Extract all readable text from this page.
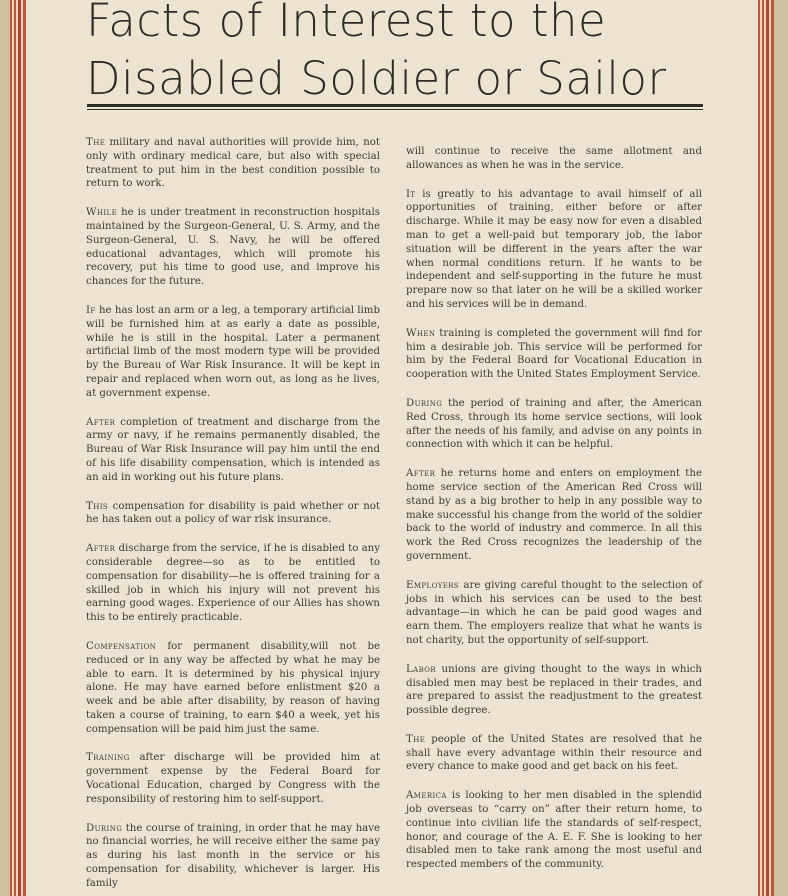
Facts of Interest to the
Disabled Soldier or Sailor

The military and naval authorities will provide him, not only with ordinary medical care, but also with special treatment to put him in the best condition possible to return to work.

While he is under treatment in reconstruction hospitals maintained by the Surgeon-General, U. S. Army, and the Surgeon-General, U. S. Navy, he will be offered educational advantages, which will promote his recovery, put his time to good use, and improve his chances for the future.

If he has lost an arm or a leg, a temporary artificial limb will be furnished him at as early a date as possible, while he is still in the hospital. Later a permanent artificial limb of the most modern type will be provided by the Bureau of War Risk Insurance. It will be kept in repair and replaced when worn out, as long as he lives, at government expense.

After completion of treatment and discharge from the army or navy, if he remains permanently disabled, the Bureau of War Risk Insurance will pay him until the end of his life disability compensation, which is intended as an aid in working out his future plans.

This compensation for disability is paid whether or not he has taken out a policy of war risk insurance.

After discharge from the service, if he is disabled to any considerable degree—so as to be entitled to compensation for disability—he is offered training for a skilled job in which his injury will not prevent his earning good wages. Experience of our Allies has shown this to be entirely practicable.

Compensation for permanent disability,will not be reduced or in any way be affected by what he may be able to earn. It is determined by his physical injury alone. He may have earned before enlistment $20 a week and be able after disability, by reason of having taken a course of training, to earn $40 a week, yet his compensation will be paid him just the same.

Training after discharge will be provided him at government expense by the Federal Board for Vocational Education, charged by Congress with the responsibility of restoring him to self-support.

During the course of training, in order that he may have no financial worries, he will receive either the same pay as during his last month in the service or his compensation for disability, whichever is larger. His family

will continue to receive the same allotment and allowances as when he was in the service.

It is greatly to his advantage to avail himself of all opportunities of training, either before or after discharge. While it may be easy now for even a disabled man to get a well-paid but temporary job, the labor situation will be different in the years after the war when normal conditions return. If he wants to be independent and self-supporting in the future he must prepare now so that later on he will be a skilled worker and his services will be in demand.

When training is completed the government will find for him a desirable job. This service will be performed for him by the Federal Board for Vocational Education in cooperation with the United States Employment Service.

During the period of training and after, the American Red Cross, through its home service sections, will look after the needs of his family, and advise on any points in connection with which it can be helpful.

After he returns home and enters on employment the home service section of the American Red Cross will stand by as a big brother to help in any possible way to make successful his change from the world of the soldier back to the world of industry and commerce. In all this work the Red Cross recognizes the leadership of the government.

Employers are giving careful thought to the selection of jobs in which his services can be used to the best advantage—in which he can be paid good wages and earn them. The employers realize that what he wants is not charity, but the opportunity of self-support.

Labor unions are giving thought to the ways in which disabled men may best be replaced in their trades, and are prepared to assist the readjustment to the greatest possible degree.

The people of the United States are resolved that he shall have every advantage within their resource and every chance to make good and get back on his feet.

America is looking to her men disabled in the splendid job overseas to “carry on” after their return home, to continue into civilian life the standards of self-respect, honor, and courage of the A. E. F. She is looking to her disabled men to take rank among the most useful and respected members of the community.
